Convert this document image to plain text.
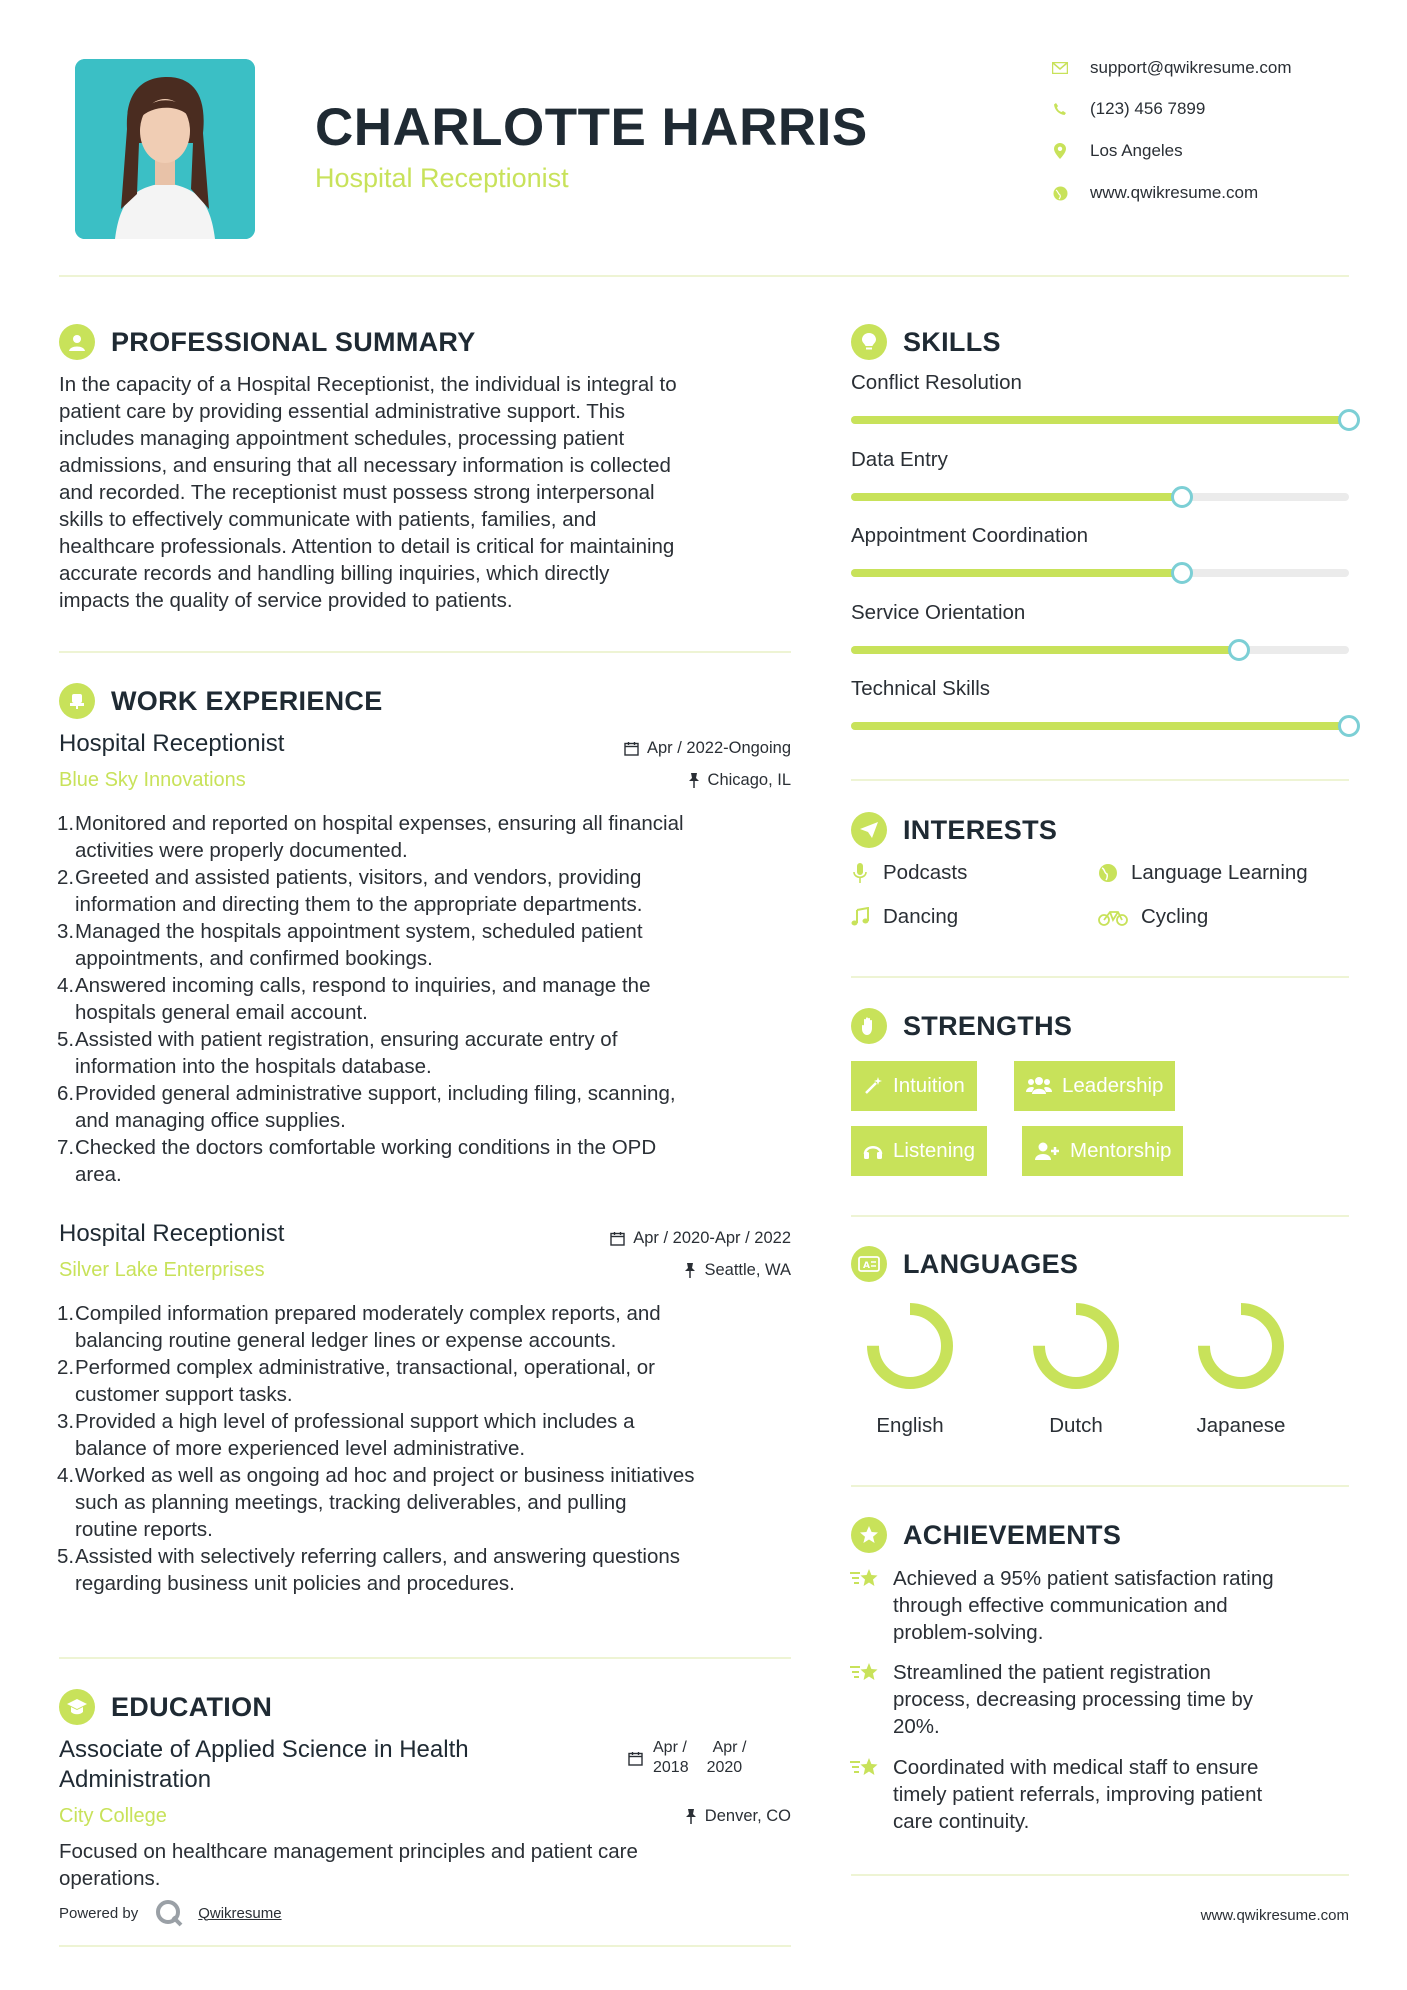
CHARLOTTE HARRIS
Hospital Receptionist
support@qwikresume.com
(123) 456 7899
Los Angeles
www.qwikresume.com
PROFESSIONAL SUMMARY
In the capacity of a Hospital Receptionist, the individual is integral to
patient care by providing essential administrative support. This
includes managing appointment schedules, processing patient
admissions, and ensuring that all necessary information is collected
and recorded. The receptionist must possess strong interpersonal
skills to effectively communicate with patients, families, and
healthcare professionals. Attention to detail is critical for maintaining
accurate records and handling billing inquiries, which directly
impacts the quality of service provided to patients.
WORK EXPERIENCE
Hospital Receptionist
Blue Sky Innovations
Apr / 2022-Ongoing
Chicago, IL
1. Monitored and reported on hospital expenses, ensuring all financial
activities were properly documented.
2. Greeted and assisted patients, visitors, and vendors, providing
information and directing them to the appropriate departments.
3. Managed the hospitals appointment system, scheduled patient
appointments, and confirmed bookings.
4. Answered incoming calls, respond to inquiries, and manage the
hospitals general email account.
5. Assisted with patient registration, ensuring accurate entry of
information into the hospitals database.
6. Provided general administrative support, including filing, scanning,
and managing office supplies.
7. Checked the doctors comfortable working conditions in the OPD
area.
Hospital Receptionist
Silver Lake Enterprises
Apr / 2020-Apr / 2022
Seattle, WA
1. Compiled information prepared moderately complex reports, and
balancing routine general ledger lines or expense accounts.
2. Performed complex administrative, transactional, operational, or
customer support tasks.
3. Provided a high level of professional support which includes a
balance of more experienced level administrative.
4. Worked as well as ongoing ad hoc and project or business initiatives
such as planning meetings, tracking deliverables, and pulling
routine reports.
5. Assisted with selectively referring callers, and answering questions
regarding business unit policies and procedures.
EDUCATION
Associate of Applied Science in Health
Administration
City College
Apr /
2018
Apr /
2020
Denver, CO
Focused on healthcare management principles and patient care
operations.
Powered by	Qwikresume
SKILLS
Conflict Resolution
Data Entry
Appointment Coordination
Service Orientation
Technical Skills
INTERESTS
Podcasts	Language Learning
Dancing	Cycling
STRENGTHS
Intuition	Leadership
Listening	Mentorship
A LANGUAGES
English	Dutch	Japanese
ACHIEVEMENTS
Achieved a 95% patient satisfaction rating
through effective communication and
problem-solving.
Streamlined the patient registration
process, decreasing processing time by
20%.
Coordinated with medical staff to ensure
timely patient referrals, improving patient
care continuity.
www.qwikresume.com
